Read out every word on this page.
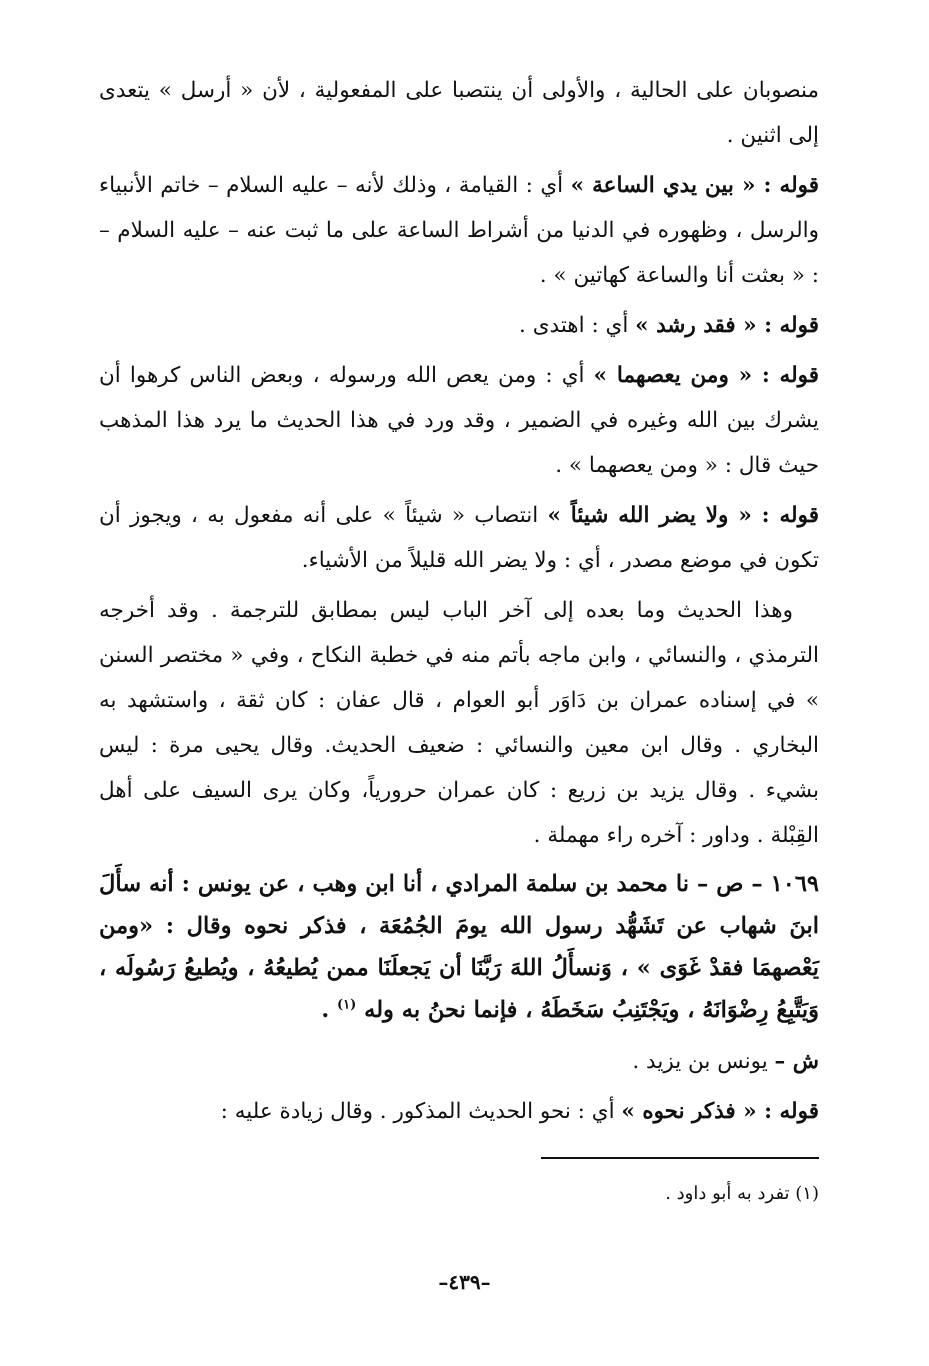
منصوبان على الحالية ، والأولى أن ينتصبا على المفعولية ، لأن « أرسل » يتعدى إلى اثنين .

قوله : « بين يدي الساعة » أي : القيامة ، وذلك لأنه – عليه السلام – خاتم الأنبياء والرسل ، وظهوره في الدنيا من أشراط الساعة على ما ثبت عنه – عليه السلام – : « بعثت أنا والساعة كهاتين » .

قوله : « فقد رشد » أي : اهتدى .

قوله : « ومن يعصهما » أي : ومن يعص الله ورسوله ، وبعض الناس كرهوا أن يشرك بين الله وغيره في الضمير ، وقد ورد في هذا الحديث ما يرد هذا المذهب حيث قال : « ومن يعصهما » .

قوله : « ولا يضر الله شيئاً » انتصاب « شيئاً » على أنه مفعول به ، ويجوز أن تكون في موضع مصدر ، أي : ولا يضر الله قليلاً من الأشياء.

وهذا الحديث وما بعده إلى آخر الباب ليس بمطابق للترجمة . وقد أخرجه الترمذي ، والنسائي ، وابن ماجه بأتم منه في خطبة النكاح ، وفي « مختصر السنن » في إسناده عمران بن دَاوَر أبو العوام ، قال عفان : كان ثقة ، واستشهد به البخاري . وقال ابن معين والنسائي : ضعيف الحديث. وقال يحيى مرة : ليس بشيء . وقال يزيد بن زريع : كان عمران حرورياً، وكان يرى السيف على أهل القِبْلة . وداور : آخره راء مهملة .

١٠٦٩ – ص – نا محمد بن سلمة المرادي ، أنا ابن وهب ، عن يونس : أنه سأَلَ ابنَ شهاب عن تَشَهُّد رسول الله يومَ الجُمُعَة ، فذكر نحوه وقال : «ومن يَعْصهمَا فقدْ غَوَى » ، وَنسأَلُ اللهَ رَبَّنَا أن يَجعلَنَا ممن يُطيعُهُ ، ويُطيعُ رَسُولَه ، وَيَتَّبِعُ رِضْوَانَهُ ، ويَجْتَنِبُ سَخَطَهُ ، فإنما نحنُ به وله $^{(١)}$ .

ش – يونس بن يزيد .

قوله : « فذكر نحوه » أي : نحو الحديث المذكور . وقال زيادة عليه :

(١) تفرد به أبو داود .
–٤٣٩–
